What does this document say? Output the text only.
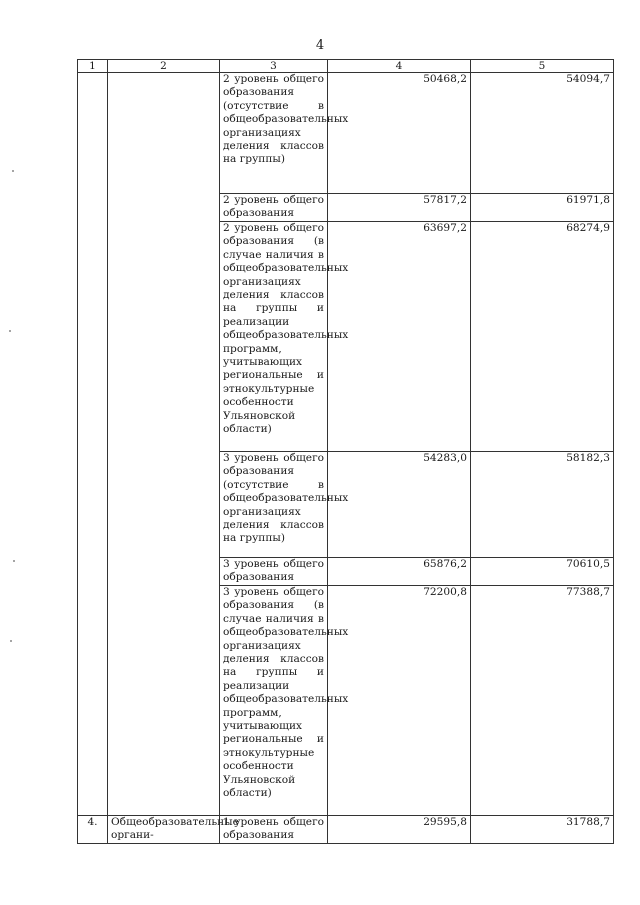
4
1	2	3	4	5
		2 уровень общего образования (отсутствие в общеобразовательных организациях деления классов на группы)	50468,2	54094,7
		2 уровень общего образования	57817,2	61971,8
		2 уровень общего образования (в случае наличия в общеобразовательных организациях деления классов на группы и реализации общеобразовательных программ, учитывающих региональные и этнокультурные особенности Ульяновской области)	63697,2	68274,9
		3 уровень общего образования (отсутствие в общеобразовательных организациях деления классов на группы)	54283,0	58182,3
		3 уровень общего образования	65876,2	70610,5
		3 уровень общего образования (в случае наличия в общеобразовательных организациях деления классов на группы и реализации общеобразовательных программ, учитывающих региональные и этнокультурные особенности Ульяновской области)	72200,8	77388,7
4.	Общеобразовательные органи-	1 уровень общего образования	29595,8	31788,7
